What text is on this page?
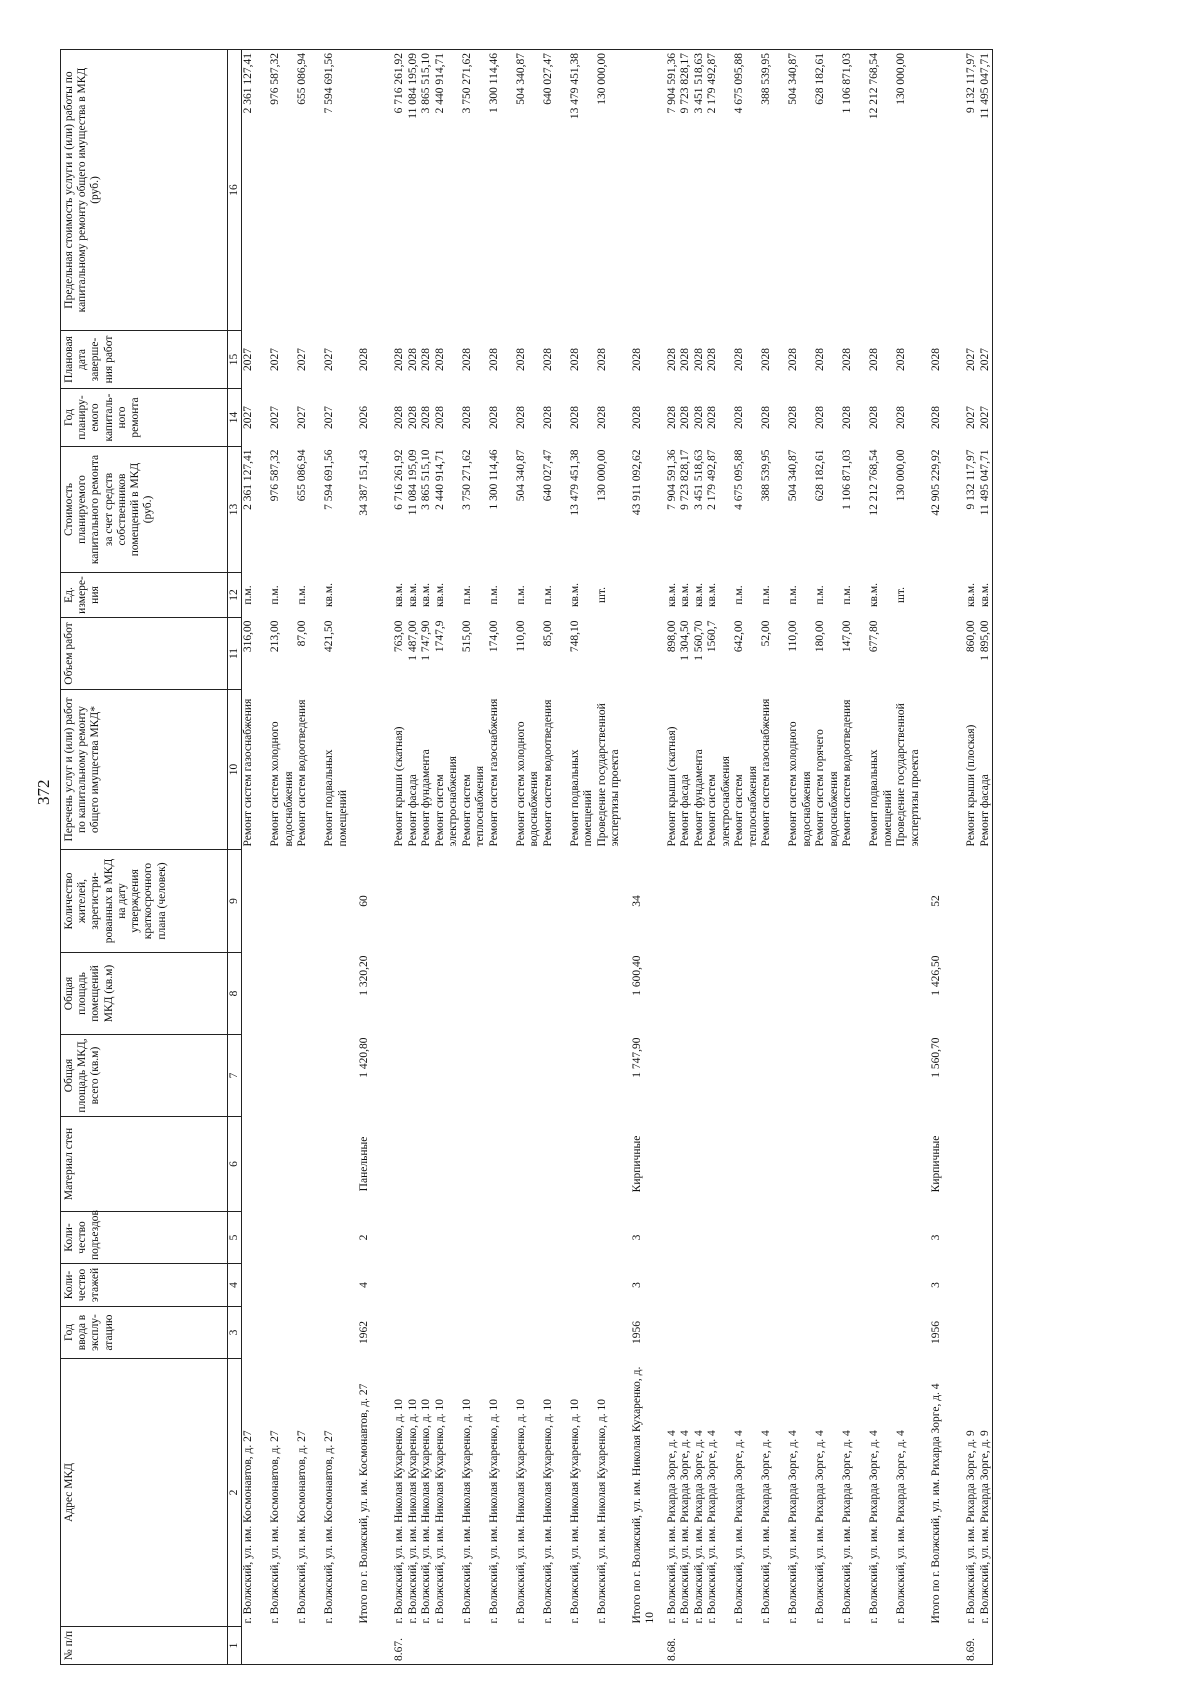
372
№ п/п	Адрес МКД	Год ввода в эксплу-атацию	Коли-чество этажей	Коли-чество подъездов	Материал стен	Общая площадь МКД, всего (кв.м)	Общая площадь помещений МКД (кв.м)	Количество жителей, зарегистри-рованных в МКД на дату утверждения краткосрочного плана (человек)	Перечень услуг и (или) работ по капитальному ремонту общего имущества МКД*	Объем работ	Ед. измере-ния	Стоимость планируемого капитального ремонта за счет средств собственников помещений в МКД (руб.)	Год планиру-емого капиталь-ного ремонта	Плановая дата заверше-ния работ	Предельная стоимость услуги и (или) работы по капитальному ремонту общего имущества в МКД (руб.)
1	2	3	4	5	6	7	8	9	10	11	12	13	14	15	16
	г. Волжский, ул. им. Космонавтов, д. 27								Ремонт систем газоснабжения	316,00	п.м.	2 361 127,41	2027	2027	2 361 127,41
	г. Волжский, ул. им. Космонавтов, д. 27								Ремонт систем холодного водоснабжения	213,00	п.м.	976 587,32	2027	2027	976 587,32
	г. Волжский, ул. им. Космонавтов, д. 27								Ремонт систем водоотведения	87,00	п.м.	655 086,94	2027	2027	655 086,94
	г. Волжский, ул. им. Космонавтов, д. 27								Ремонт подвальных помещений	421,50	кв.м.	7 594 691,56	2027	2027	7 594 691,56

	Итого по г. Волжский, ул. им. Космонавтов, д. 27	1962	4	2	Панельные	1 420,80	1 320,20	60				34 387 151,43	2026	2028	

8.67.	г. Волжский, ул. им. Николая Кухаренко, д. 10								Ремонт крыши (скатная)	763,00	кв.м.	6 716 261,92	2028	2028	6 716 261,92
	г. Волжский, ул. им. Николая Кухаренко, д. 10								Ремонт фасада	1 487,00	кв.м.	11 084 195,09	2028	2028	11 084 195,09
	г. Волжский, ул. им. Николая Кухаренко, д. 10								Ремонт фундамента	1 747,90	кв.м.	3 865 515,10	2028	2028	3 865 515,10
	г. Волжский, ул. им. Николая Кухаренко, д. 10								Ремонт систем электроснабжения	1747,9	кв.м.	2 440 914,71	2028	2028	2 440 914,71
	г. Волжский, ул. им. Николая Кухаренко, д. 10								Ремонт систем теплоснабжения	515,00	п.м.	3 750 271,62	2028	2028	3 750 271,62
	г. Волжский, ул. им. Николая Кухаренко, д. 10								Ремонт систем газоснабжения	174,00	п.м.	1 300 114,46	2028	2028	1 300 114,46
	г. Волжский, ул. им. Николая Кухаренко, д. 10								Ремонт систем холодного водоснабжения	110,00	п.м.	504 340,87	2028	2028	504 340,87
	г. Волжский, ул. им. Николая Кухаренко, д. 10								Ремонт систем водоотведения	85,00	п.м.	640 027,47	2028	2028	640 027,47
	г. Волжский, ул. им. Николая Кухаренко, д. 10								Ремонт подвальных помещений	748,10	кв.м.	13 479 451,38	2028	2028	13 479 451,38
	г. Волжский, ул. им. Николая Кухаренко, д. 10								Проведение государственной экспертизы проекта		шт.	130 000,00	2028	2028	130 000,00

	Итого по г. Волжский, ул. им. Николая Кухаренко, д. 10	1956	3	3	Кирпичные	1 747,90	1 600,40	34				43 911 092,62	2028	2028	

8.68.	г. Волжский, ул. им. Рихарда Зорге, д. 4								Ремонт крыши (скатная)	898,00	кв.м.	7 904 591,36	2028	2028	7 904 591,36
	г. Волжский, ул. им. Рихарда Зорге, д. 4								Ремонт фасада	1 304,50	кв.м.	9 723 828,17	2028	2028	9 723 828,17
	г. Волжский, ул. им. Рихарда Зорге, д. 4								Ремонт фундамента	1 560,70	кв.м.	3 451 518,63	2028	2028	3 451 518,63
	г. Волжский, ул. им. Рихарда Зорге, д. 4								Ремонт систем электроснабжения	1560,7	кв.м.	2 179 492,87	2028	2028	2 179 492,87
	г. Волжский, ул. им. Рихарда Зорге, д. 4								Ремонт систем теплоснабжения	642,00	п.м.	4 675 095,88	2028	2028	4 675 095,88
	г. Волжский, ул. им. Рихарда Зорге, д. 4								Ремонт систем газоснабжения	52,00	п.м.	388 539,95	2028	2028	388 539,95
	г. Волжский, ул. им. Рихарда Зорге, д. 4								Ремонт систем холодного водоснабжения	110,00	п.м.	504 340,87	2028	2028	504 340,87
	г. Волжский, ул. им. Рихарда Зорге, д. 4								Ремонт систем горячего водоснабжения	180,00	п.м.	628 182,61	2028	2028	628 182,61
	г. Волжский, ул. им. Рихарда Зорге, д. 4								Ремонт систем водоотведения	147,00	п.м.	1 106 871,03	2028	2028	1 106 871,03
	г. Волжский, ул. им. Рихарда Зорге, д. 4								Ремонт подвальных помещений	677,80	кв.м.	12 212 768,54	2028	2028	12 212 768,54
	г. Волжский, ул. им. Рихарда Зорге, д. 4								Проведение государственной экспертизы проекта		шт.	130 000,00	2028	2028	130 000,00

	Итого по г. Волжский, ул. им. Рихарда Зорге, д. 4	1956	3	3	Кирпичные	1 560,70	1 426,50	52				42 905 229,92	2028	2028	

8.69.	г. Волжский, ул. им. Рихарда Зорге, д. 9								Ремонт крыши (плоская)	860,00	кв.м.	9 132 117,97	2027	2027	9 132 117,97
	г. Волжский, ул. им. Рихарда Зорге, д. 9								Ремонт фасада	1 895,00	кв.м.	11 495 047,71	2027	2027	11 495 047,71
